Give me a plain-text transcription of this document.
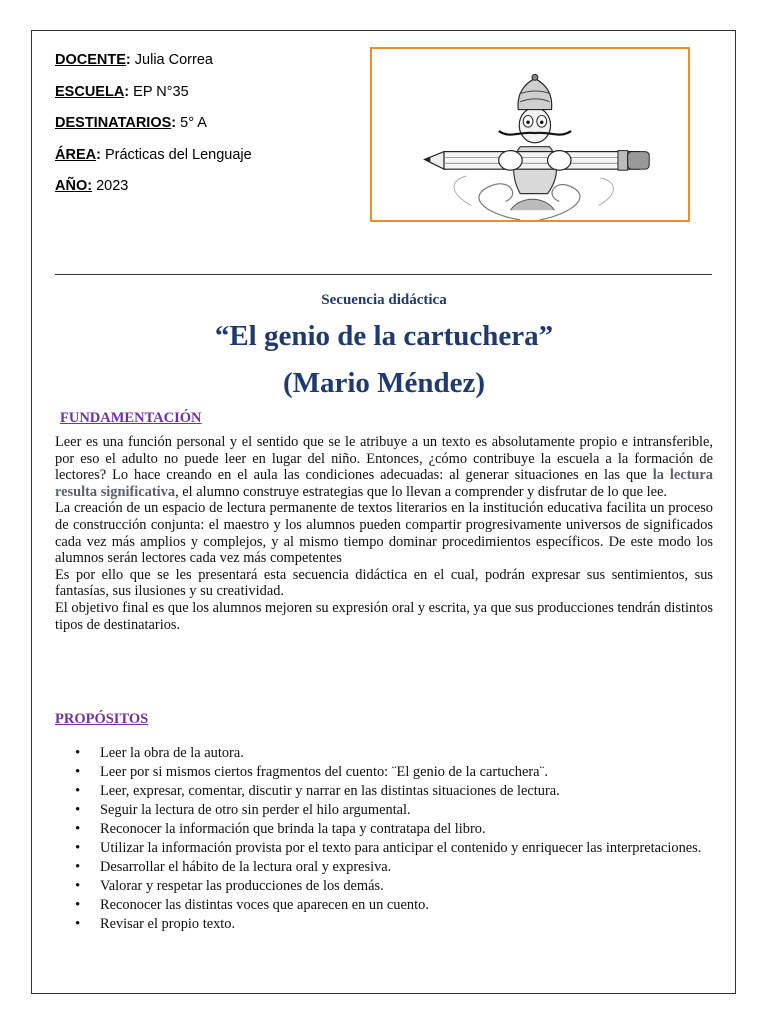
DOCENTE: Julia Correa
ESCUELA: EP N°35
DESTINATARIOS: 5° A
ÁREA: Prácticas del Lenguaje
AÑO: 2023
Secuencia didáctica
“El genio de la cartuchera”
(Mario Méndez)
FUNDAMENTACIÓN

Leer es una función personal y el sentido que se le atribuye a un texto es absolutamente propio e intransferible, por eso el adulto no puede leer en lugar del niño. Entonces, ¿cómo contribuye la escuela a la formación de lectores? Lo hace creando en el aula las condiciones adecuadas: al generar situaciones en las que la lectura resulta significativa, el alumno construye estrategias que lo llevan a comprender y disfrutar de lo que lee.

La creación de un espacio de lectura permanente de textos literarios en la institución educativa facilita un proceso de construcción conjunta: el maestro y los alumnos pueden compartir progresivamente universos de significados cada vez más amplios y complejos, y al mismo tiempo dominar procedimientos específicos. De este modo los alumnos serán lectores cada vez más competentes

Es por ello que se les presentará esta secuencia didáctica en el cual, podrán expresar sus sentimientos, sus fantasías, sus ilusiones y su creatividad.

El objetivo final es que los alumnos mejoren su expresión oral y escrita, ya que sus producciones tendrán distintos tipos de destinatarios.

PROPÓSITOS
• Leer la obra de la autora.
• Leer por si mismos ciertos fragmentos del cuento: ¨El genio de la cartuchera¨.
• Leer, expresar, comentar, discutir y narrar en las distintas situaciones de lectura.
• Seguir la lectura de otro sin perder el hilo argumental.
• Reconocer la información que brinda la tapa y contratapa del libro.
• Utilizar la información provista por el texto para anticipar el contenido y enriquecer las interpretaciones.
• Desarrollar el hábito de la lectura oral y expresiva.
• Valorar y respetar las producciones de los demás.
• Reconocer las distintas voces que aparecen en un cuento.
• Revisar el propio texto.
